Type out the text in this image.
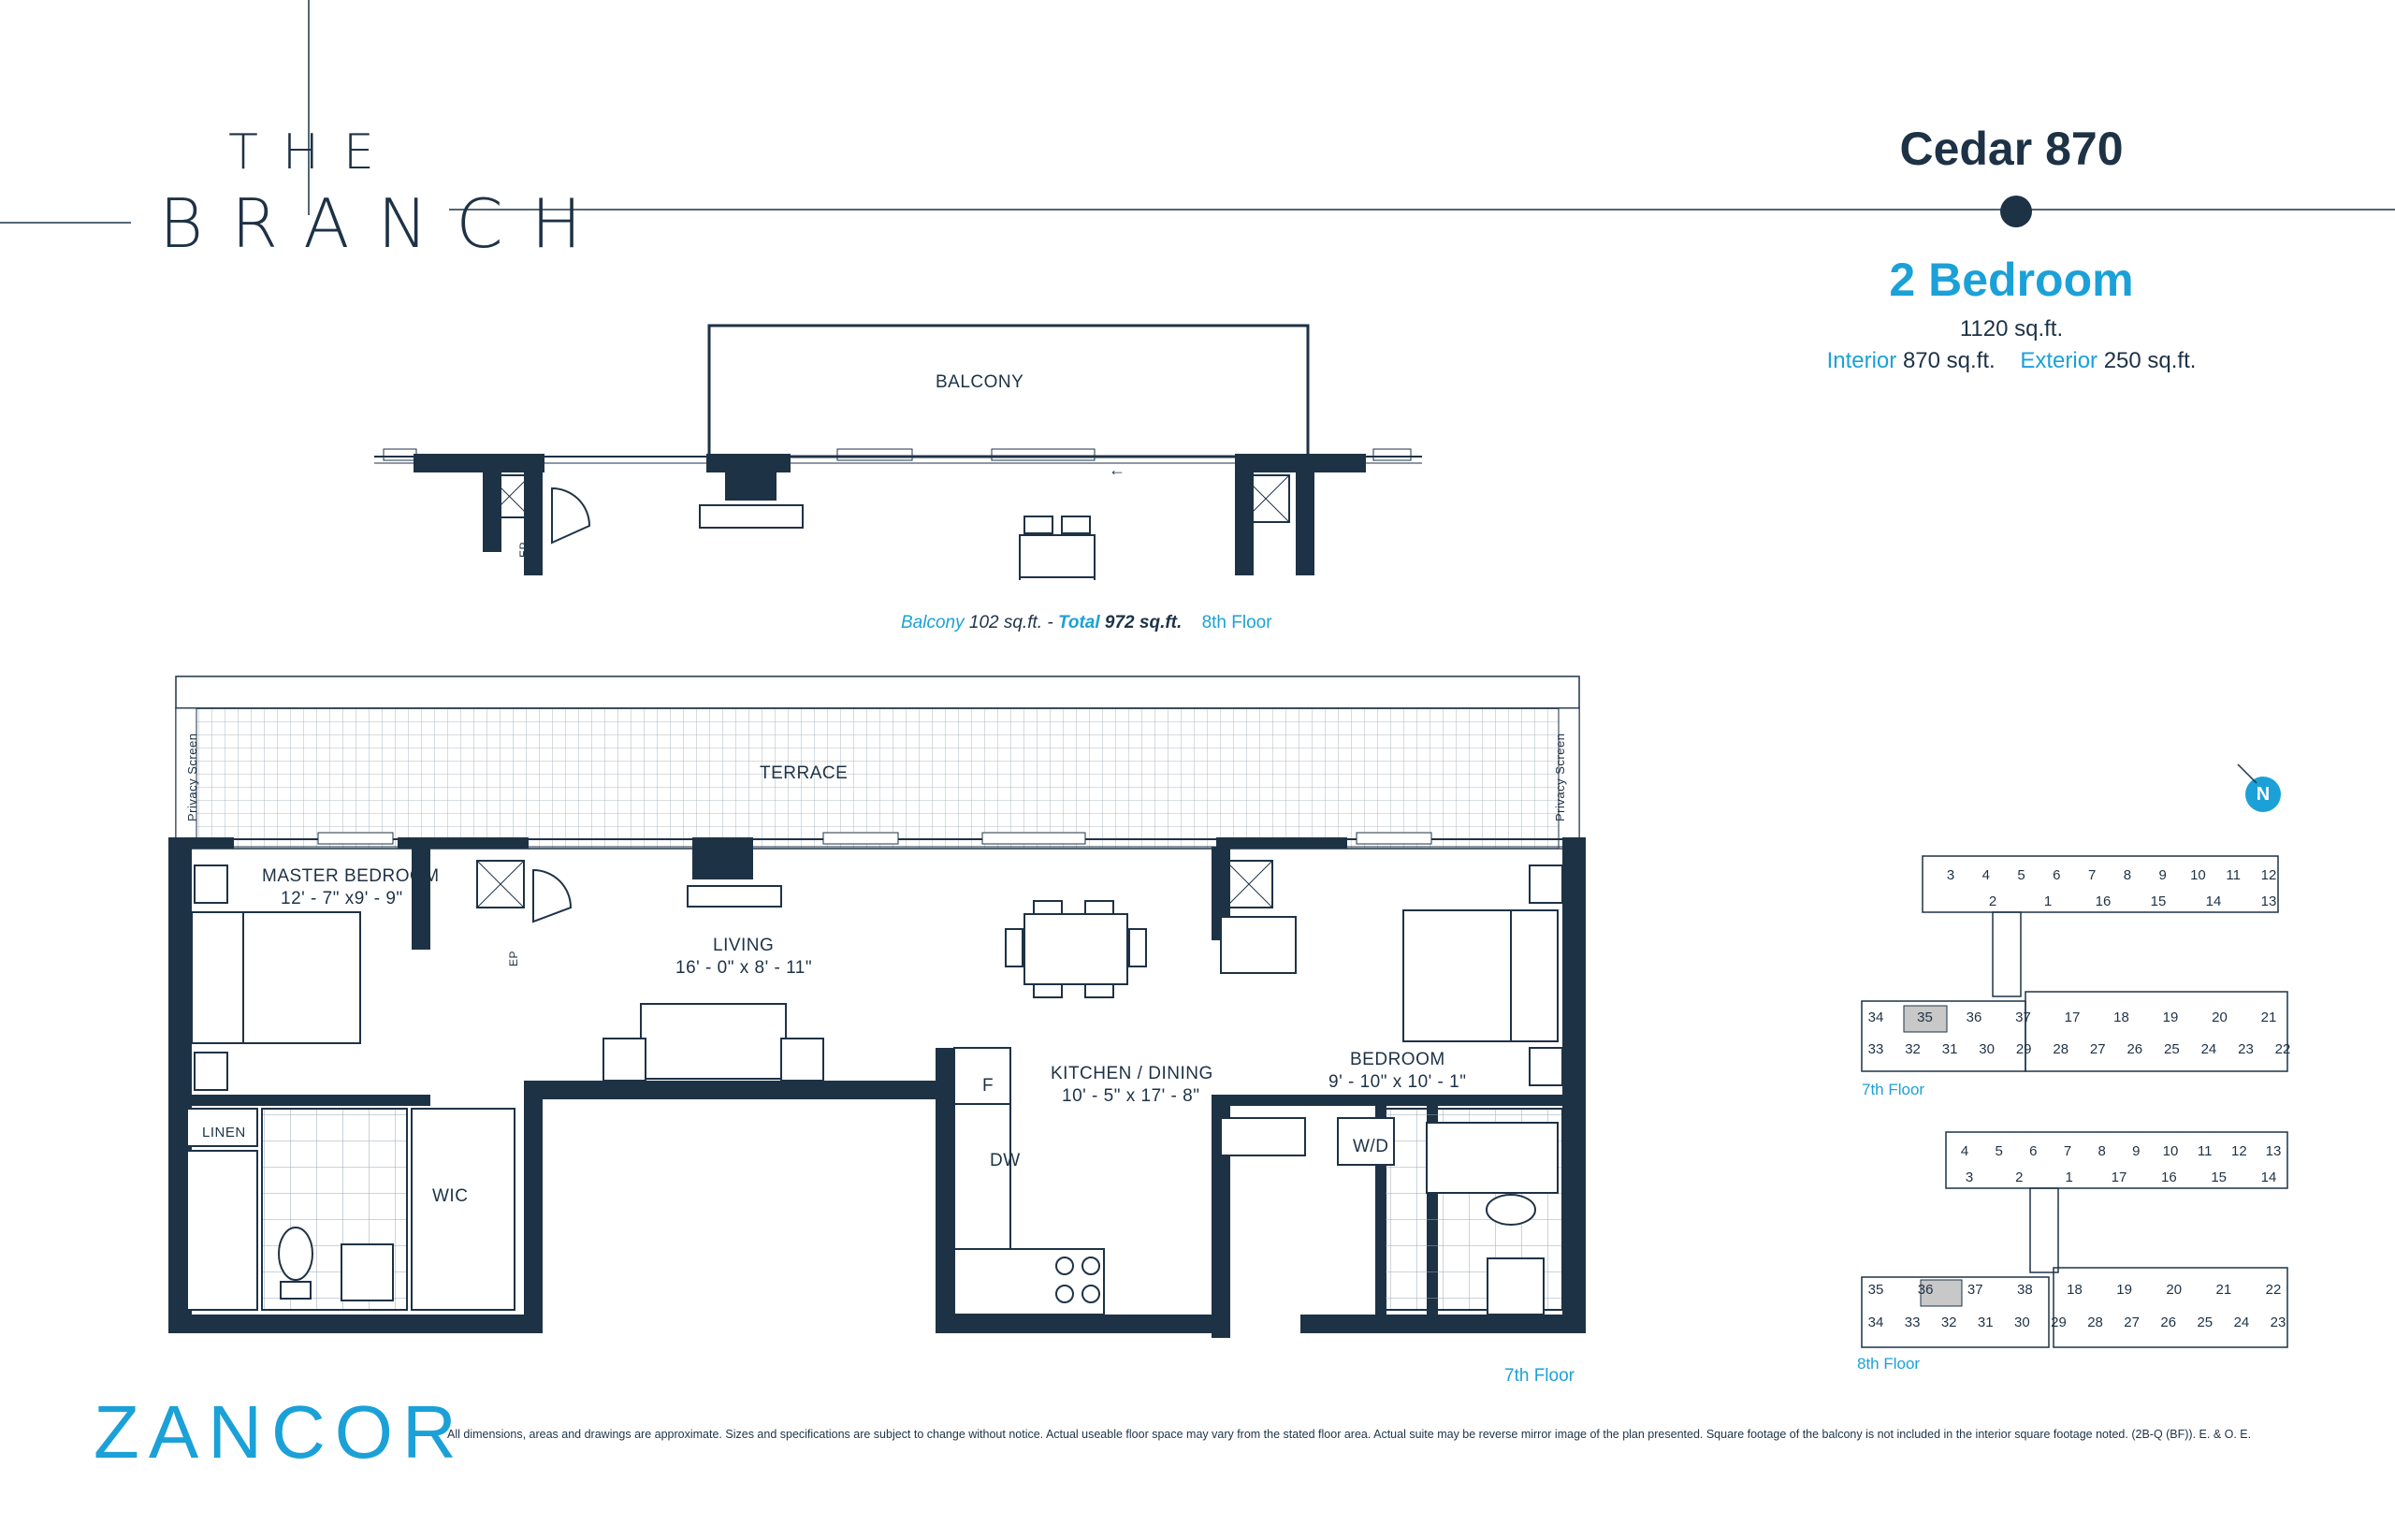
THE
BRANCH
Cedar 870
2 Bedroom
1120 sq.ft.
Interior 870 sq.ft. Exterior 250 sq.ft.
←
BALCONY
EP
Balcony 102 sq.ft. - Total 972 sq.ft. 8th Floor
TERRACE
Privacy Screen	Privacy Screen
MASTER BEDROOM
12' - 7" x9' - 9"
LIVING
16' - 0" x 8' - 11"
KITCHEN / DINING
10' - 5" x 17' - 8"
BEDROOM
9' - 10" x 10' - 1"
LINEN
WIC
F
DW
W/D
EP
7th Floor
N
3 4 5 6 7 8 9 10 11 12
2	1	16	15	14	13
34 35 36 37 17 18 19 20 21
33 32 31 30 29 28 27 26 25 24 23 22
7th Floor
4 5 6 7 8 9 10 11 12 13
3	2	1	17 16 15 14
35 36 37 38 18 19 20 21 22
34 33 32 31 30 29 28 27 26 25 24 23
8th Floor
ZANCOR
All dimensions, areas and drawings are approximate. Sizes and specifications are subject to change without notice. Actual useable floor space may vary from the stated floor area. Actual suite may be reverse mirror image of the plan presented. Square footage of the balcony is not included in the interior square footage noted. (2B-Q (BF)). E. & O. E.
